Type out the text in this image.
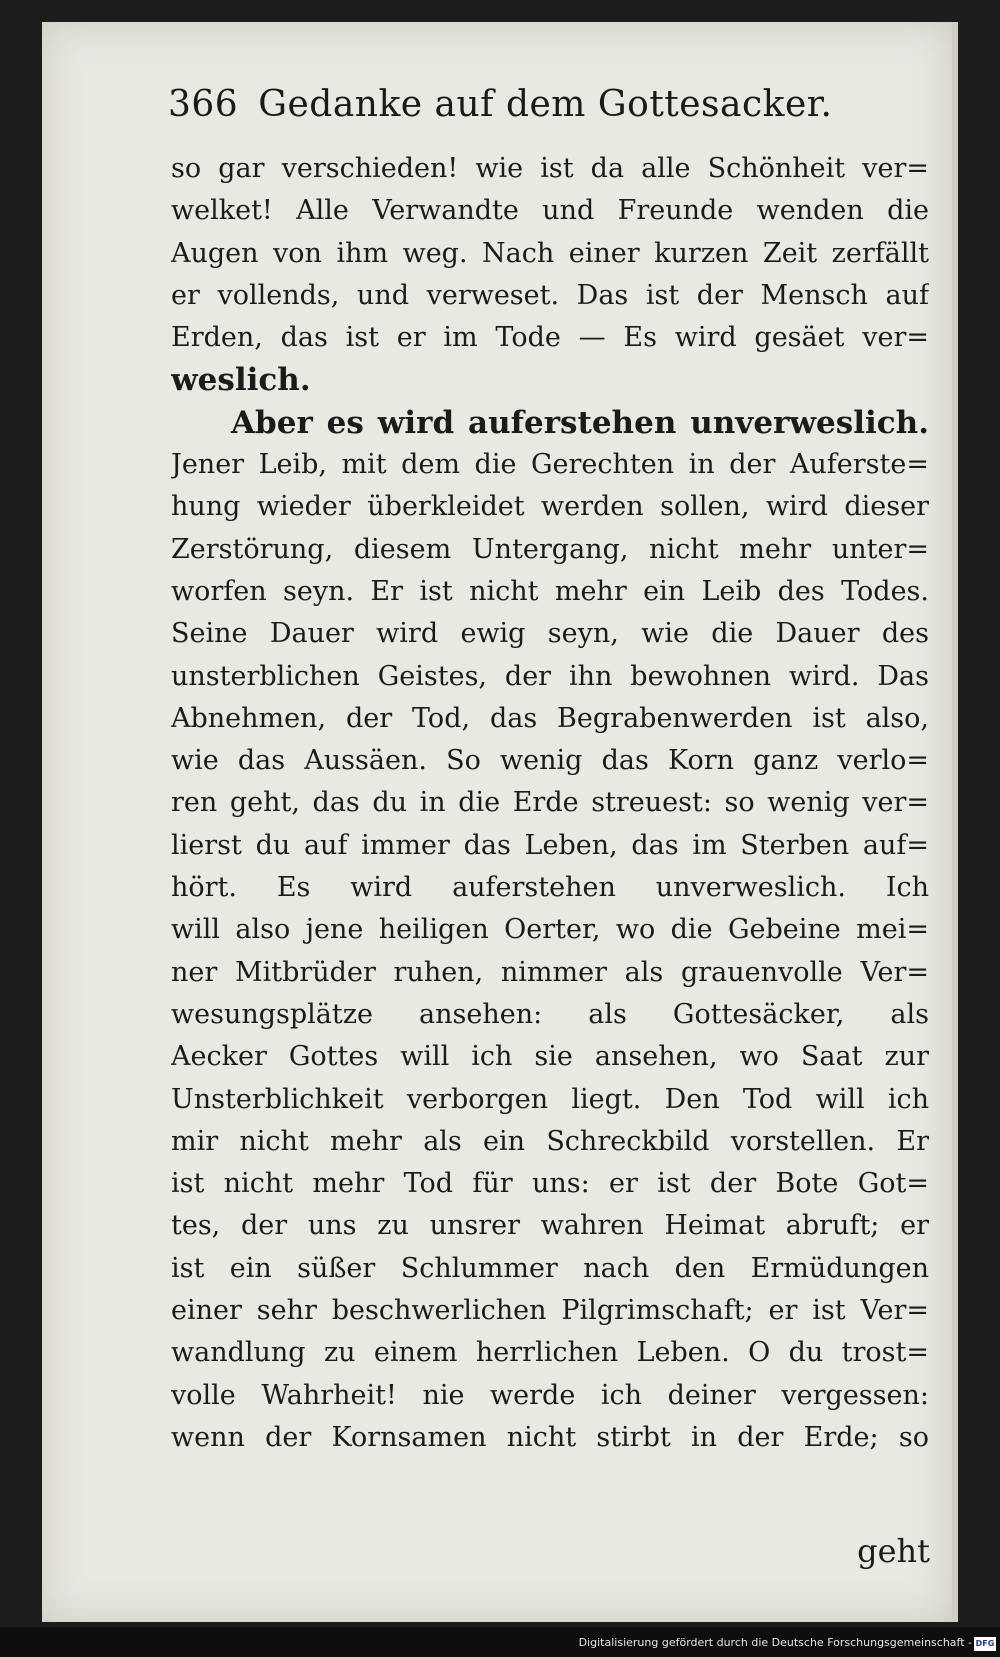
366 Gedanke auf dem Gottesacker.
so gar verschieden! wie ist da alle Schönheit ver=
welket! Alle Verwandte und Freunde wenden die
Augen von ihm weg. Nach einer kurzen Zeit zerfällt
er vollends, und verweset. Das ist der Mensch auf
Erden, das ist er im Tode — Es wird gesäet ver=
weslich.
Aber es wird auferstehen unverweslich.
Jener Leib, mit dem die Gerechten in der Auferste=
hung wieder überkleidet werden sollen, wird dieser
Zerstörung, diesem Untergang, nicht mehr unter=
worfen seyn. Er ist nicht mehr ein Leib des Todes.
Seine Dauer wird ewig seyn, wie die Dauer des
unsterblichen Geistes, der ihn bewohnen wird. Das
Abnehmen, der Tod, das Begrabenwerden ist also,
wie das Aussäen. So wenig das Korn ganz verlo=
ren geht, das du in die Erde streuest: so wenig ver=
lierst du auf immer das Leben, das im Sterben auf=
hört. Es wird auferstehen unverweslich. Ich
will also jene heiligen Oerter, wo die Gebeine mei=
ner Mitbrüder ruhen, nimmer als grauenvolle Ver=
wesungsplätze ansehen: als Gottesäcker, als
Aecker Gottes will ich sie ansehen, wo Saat zur
Unsterblichkeit verborgen liegt. Den Tod will ich
mir nicht mehr als ein Schreckbild vorstellen. Er
ist nicht mehr Tod für uns: er ist der Bote Got=
tes, der uns zu unsrer wahren Heimat abruft; er
ist ein süßer Schlummer nach den Ermüdungen
einer sehr beschwerlichen Pilgrimschaft; er ist Ver=
wandlung zu einem herrlichen Leben. O du trost=
volle Wahrheit! nie werde ich deiner vergessen:
wenn der Kornsamen nicht stirbt in der Erde; so
geht
Digitalisierung gefördert durch die Deutsche Forschungsgemeinschaft - DFG
